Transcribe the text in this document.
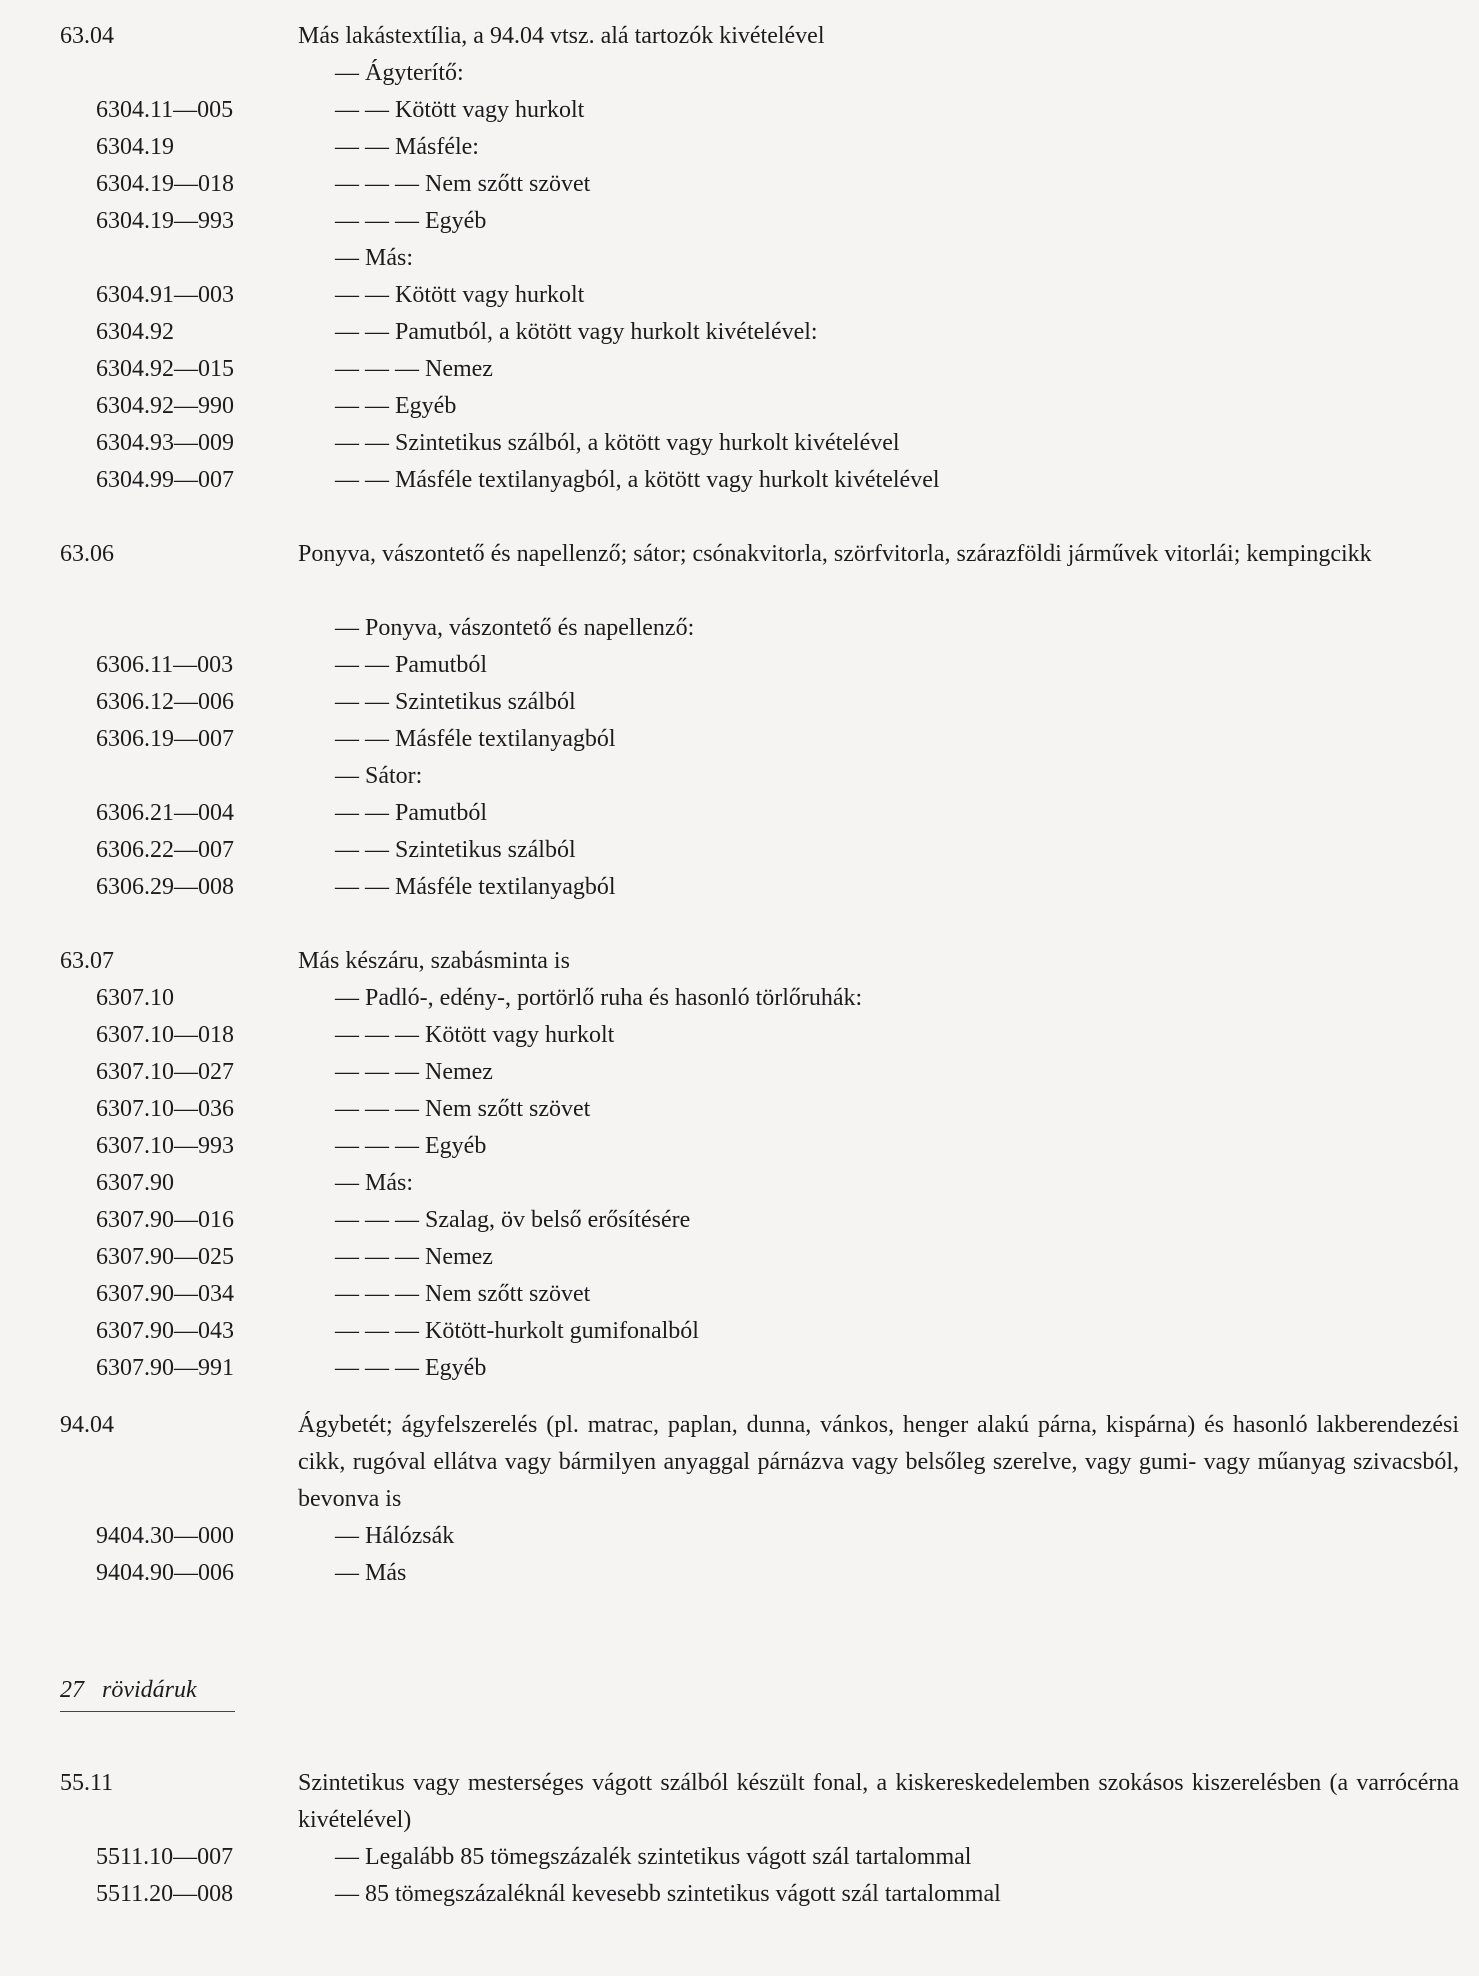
63.04	Más lakástextília, a 94.04 vtsz. alá tartozók kivételével
— Ágyterítő:
6304.11—005	— — Kötött vagy hurkolt
6304.19	— — Másféle:
6304.19—018	— — — Nem szőtt szövet
6304.19—993	— — — Egyéb
— Más:
6304.91—003	— — Kötött vagy hurkolt
6304.92	— — Pamutból, a kötött vagy hurkolt kivételével:
6304.92—015	— — — Nemez
6304.92—990	— — Egyéb
6304.93—009	— — Szintetikus szálból, a kötött vagy hurkolt kivételével
6304.99—007	— — Másféle textilanyagból, a kötött vagy hurkolt kivételével
63.06	Ponyva, vászontető és napellenző; sátor; csónakvitorla, szörfvitorla, szárazföldi járművek vitorlái; kempingcikk
— Ponyva, vászontető és napellenző:
6306.11—003	— — Pamutból
6306.12—006	— — Szintetikus szálból
6306.19—007	— — Másféle textilanyagból
— Sátor:
6306.21—004	— — Pamutból
6306.22—007	— — Szintetikus szálból
6306.29—008	— — Másféle textilanyagból
63.07	Más készáru, szabásminta is
6307.10	— Padló-, edény-, portörlő ruha és hasonló törlőruhák:
6307.10—018	— — — Kötött vagy hurkolt
6307.10—027	— — — Nemez
6307.10—036	— — — Nem szőtt szövet
6307.10—993	— — — Egyéb
6307.90	— Más:
6307.90—016	— — — Szalag, öv belső erősítésére
6307.90—025	— — — Nemez
6307.90—034	— — — Nem szőtt szövet
6307.90—043	— — — Kötött-hurkolt gumifonalból
6307.90—991	— — — Egyéb
94.04	Ágybetét; ágyfelszerelés (pl. matrac, paplan, dunna, vánkos, henger alakú párna, kispárna) és hasonló lakberendezési cikk, rugóval ellátva vagy bármilyen anyaggal párnázva vagy belsőleg szerelve, vagy gumi- vagy műanyag szivacsból, bevonva is
9404.30—000	— Hálózsák
9404.90—006	— Más
27   rövidáruk
55.11	Szintetikus vagy mesterséges vágott szálból készült fonal, a kiskereskedelemben szokásos kiszerelésben (a varrócérna kivételével)
5511.10—007	— Legalább 85 tömegszázalék szintetikus vágott szál tartalommal
5511.20—008	— 85 tömegszázaléknál kevesebb szintetikus vágott szál tartalommal
